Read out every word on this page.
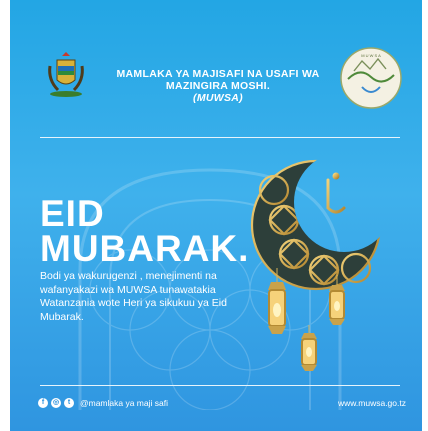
M U W S A
MAMLAKA YA MAJISAFI NA USAFI WA
MAZINGIRA MOSHI.
(MUWSA)
EID
MUBARAK.
Bodi ya wakurugenzi , menejimenti na wafanyakazi wa MUWSA tunawatakia Watanzania wote Heri ya sikukuu ya Eid Mubarak.
f	◎	t	@mamlaka ya maji safi	www.muwsa.go.tz
